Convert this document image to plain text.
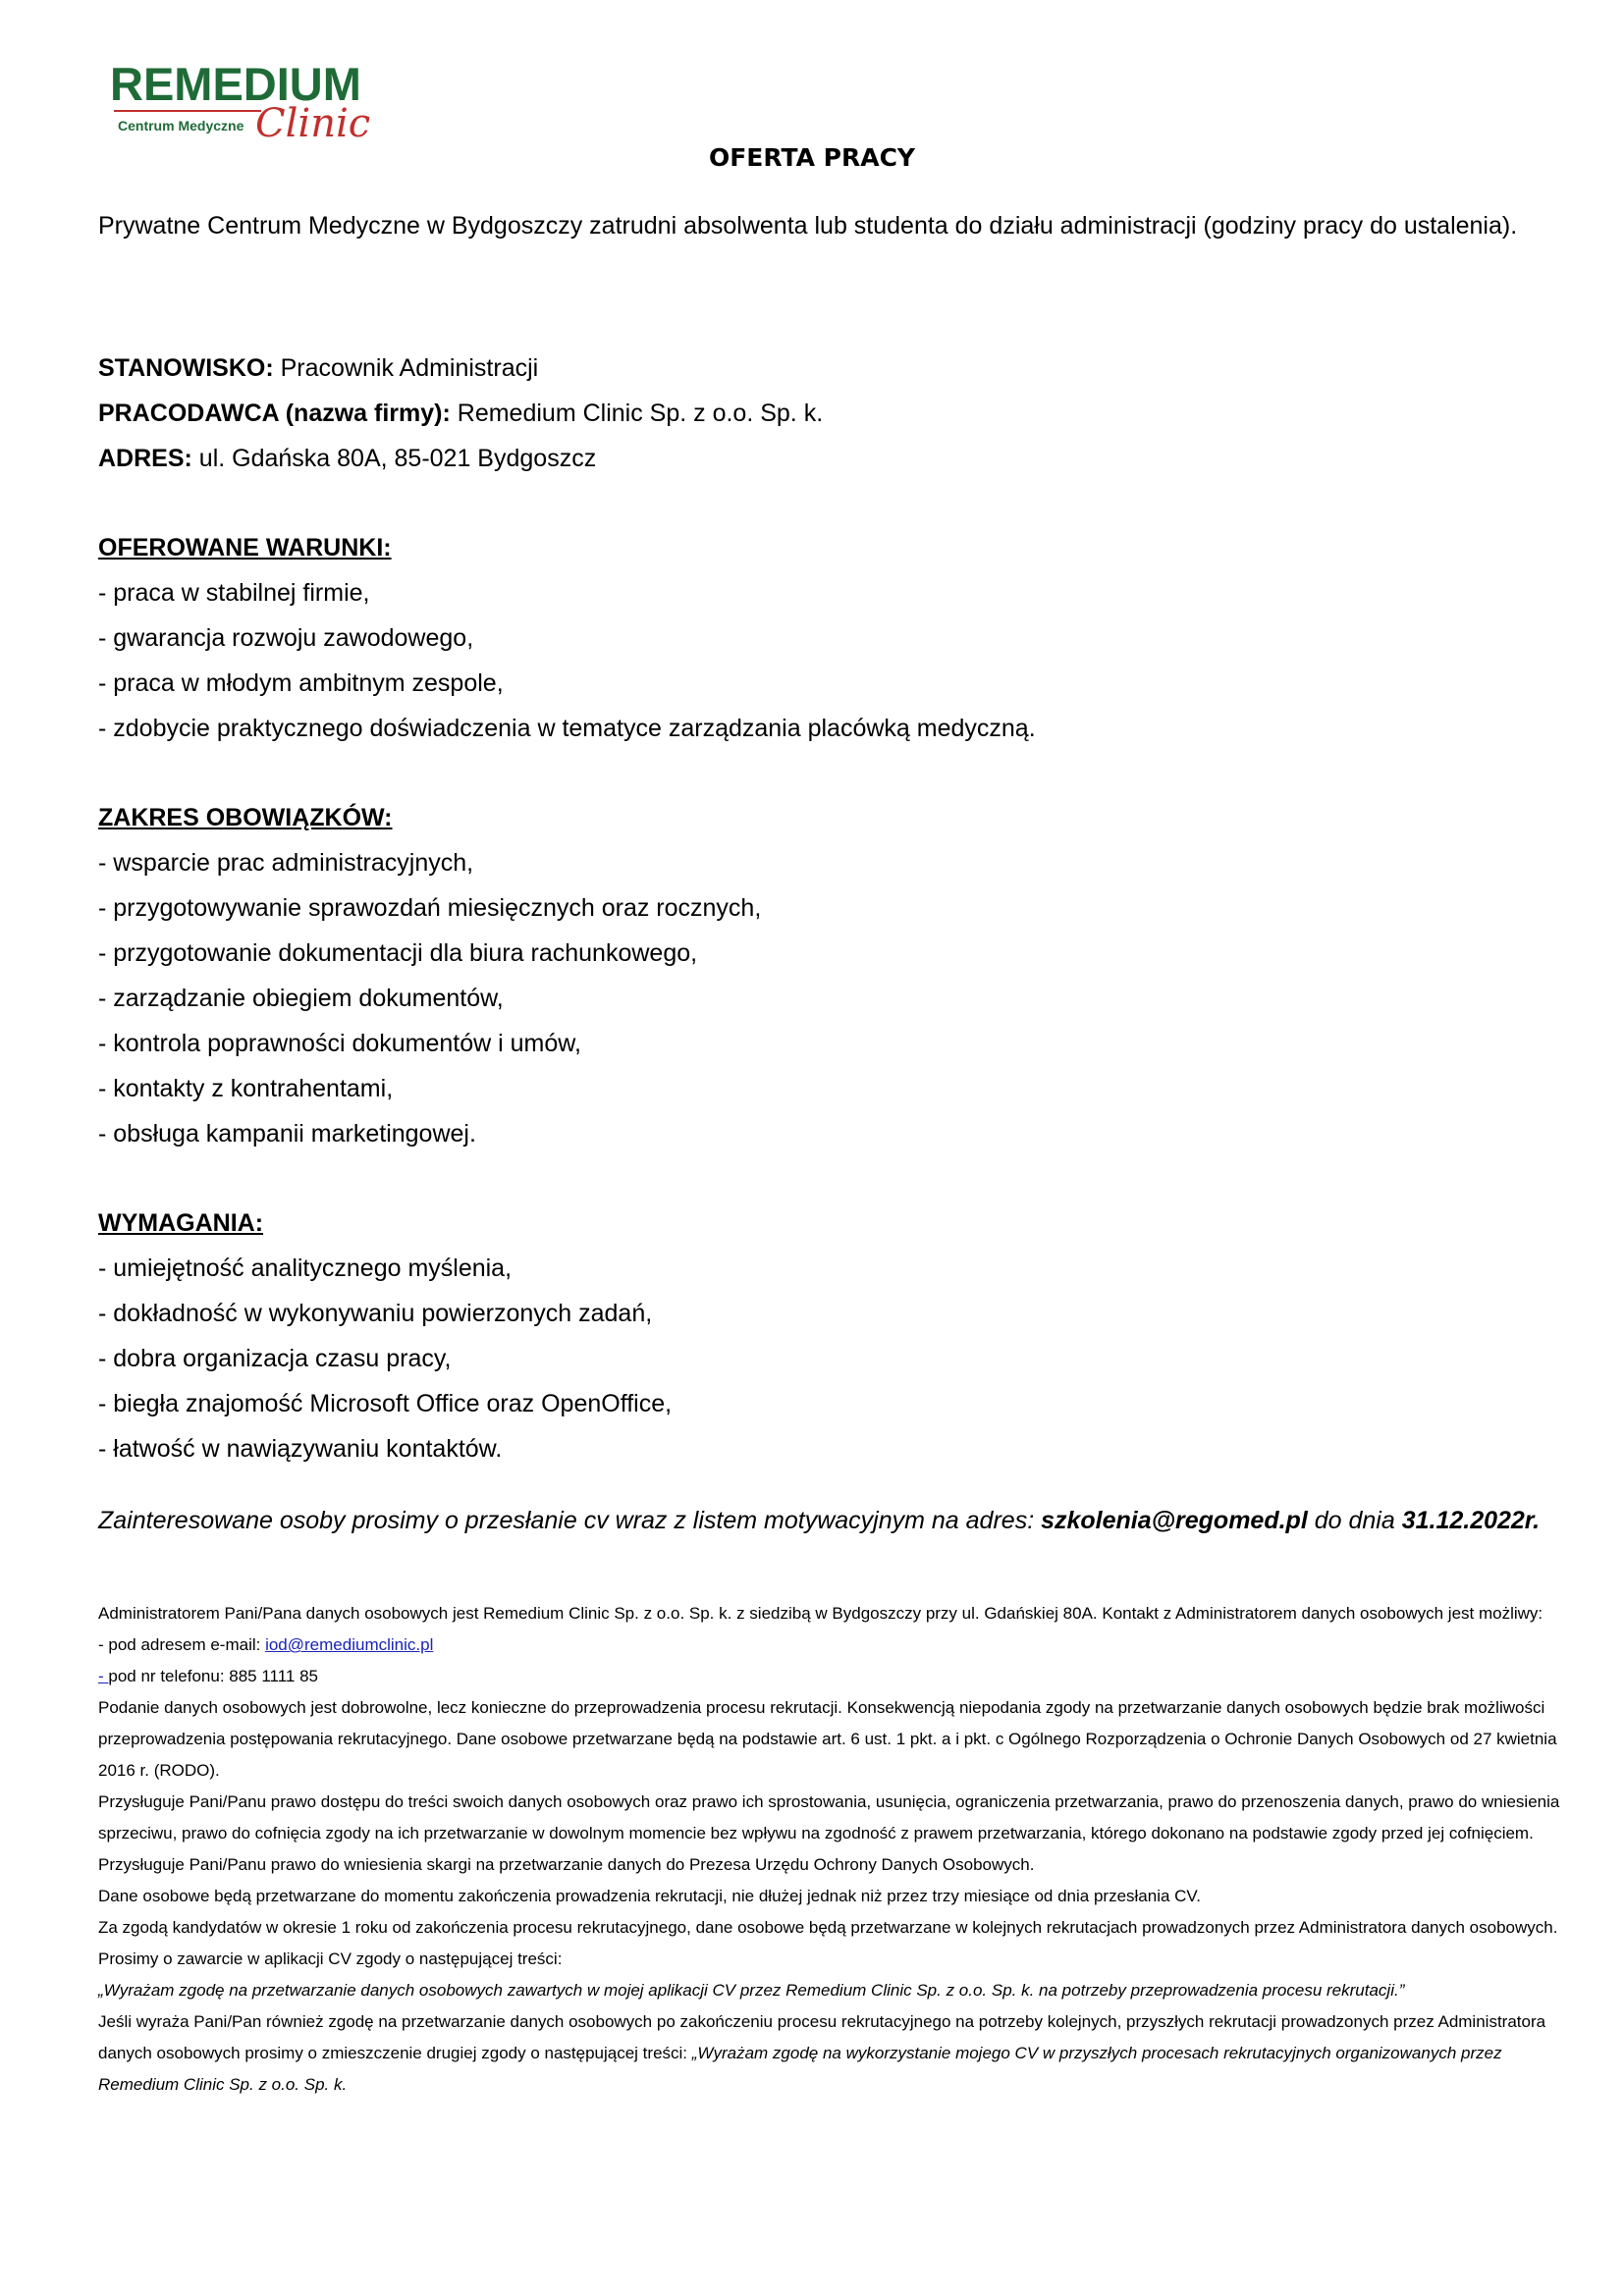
REMEDIUM
Centrum Medyczne Clinic
OFERTA PRACY
Prywatne Centrum Medyczne w Bydgoszczy zatrudni absolwenta lub studenta do działu administracji (godziny pracy do ustalenia).
STANOWISKO: Pracownik Administracji
PRACODAWCA (nazwa firmy): Remedium Clinic Sp. z o.o. Sp. k.
ADRES: ul. Gdańska 80A, 85-021 Bydgoszcz
OFEROWANE WARUNKI:
- praca w stabilnej firmie,
- gwarancja rozwoju zawodowego,
- praca w młodym ambitnym zespole,
- zdobycie praktycznego doświadczenia w tematyce zarządzania placówką medyczną.
ZAKRES OBOWIĄZKÓW:
- wsparcie prac administracyjnych,
- przygotowywanie sprawozdań miesięcznych oraz rocznych,
- przygotowanie dokumentacji dla biura rachunkowego,
- zarządzanie obiegiem dokumentów,
- kontrola poprawności dokumentów i umów,
- kontakty z kontrahentami,
- obsługa kampanii marketingowej.
WYMAGANIA:
- umiejętność analitycznego myślenia,
- dokładność w wykonywaniu powierzonych zadań,
- dobra organizacja czasu pracy,
- biegła znajomość Microsoft Office oraz OpenOffice,
- łatwość w nawiązywaniu kontaktów.
Zainteresowane osoby prosimy o przesłanie cv wraz z listem motywacyjnym na adres: szkolenia@regomed.pl do dnia 31.12.2022r.

Administratorem Pani/Pana danych osobowych jest Remedium Clinic Sp. z o.o. Sp. k. z siedzibą w Bydgoszczy przy ul. Gdańskiej 80A. Kontakt z Administratorem danych osobowych jest możliwy:

- pod adresem e-mail: iod@remediumclinic.pl

- pod nr telefonu: 885 1111 85

Podanie danych osobowych jest dobrowolne, lecz konieczne do przeprowadzenia procesu rekrutacji. Konsekwencją niepodania zgody na przetwarzanie danych osobowych będzie brak możliwości przeprowadzenia postępowania rekrutacyjnego. Dane osobowe przetwarzane będą na podstawie art. 6 ust. 1 pkt. a i pkt. c Ogólnego Rozporządzenia o Ochronie Danych Osobowych od 27 kwietnia 2016 r. (RODO).

Przysługuje Pani/Panu prawo dostępu do treści swoich danych osobowych oraz prawo ich sprostowania, usunięcia, ograniczenia przetwarzania, prawo do przenoszenia danych, prawo do wniesienia sprzeciwu, prawo do cofnięcia zgody na ich przetwarzanie w dowolnym momencie bez wpływu na zgodność z prawem przetwarzania, którego dokonano na podstawie zgody przed jej cofnięciem.

Przysługuje Pani/Panu prawo do wniesienia skargi na przetwarzanie danych do Prezesa Urzędu Ochrony Danych Osobowych.

Dane osobowe będą przetwarzane do momentu zakończenia prowadzenia rekrutacji, nie dłużej jednak niż przez trzy miesiące od dnia przesłania CV.

Za zgodą kandydatów w okresie 1 roku od zakończenia procesu rekrutacyjnego, dane osobowe będą przetwarzane w kolejnych rekrutacjach prowadzonych przez Administratora danych osobowych.

Prosimy o zawarcie w aplikacji CV zgody o następującej treści:

„Wyrażam zgodę na przetwarzanie danych osobowych zawartych w mojej aplikacji CV przez Remedium Clinic Sp. z o.o. Sp. k. na potrzeby przeprowadzenia procesu rekrutacji.”

Jeśli wyraża Pani/Pan również zgodę na przetwarzanie danych osobowych po zakończeniu procesu rekrutacyjnego na potrzeby kolejnych, przyszłych rekrutacji prowadzonych przez Administratora danych osobowych prosimy o zmieszczenie drugiej zgody o następującej treści: „Wyrażam zgodę na wykorzystanie mojego CV w przyszłych procesach rekrutacyjnych organizowanych przez Remedium Clinic Sp. z o.o. Sp. k.
